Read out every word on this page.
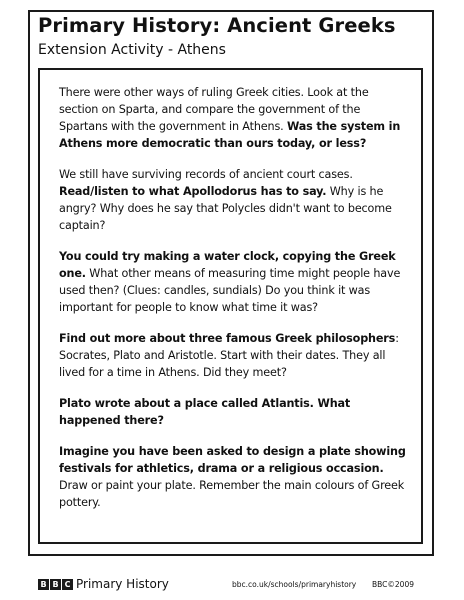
Primary History: Ancient Greeks
Extension Activity - Athens

There were other ways of ruling Greek cities. Look at the section on Sparta, and compare the government of the Spartans with the government in Athens. Was the system in Athens more democratic than ours today, or less?

We still have surviving records of ancient court cases. Read/listen to what Apollodorus has to say. Why is he angry? Why does he say that Polycles didn't want to become captain?

You could try making a water clock, copying the Greek one. What other means of measuring time might people have used then? (Clues: candles, sundials) Do you think it was important for people to know what time it was?

Find out more about three famous Greek philosophers: Socrates, Plato and Aristotle. Start with their dates. They all lived for a time in Athens. Did they meet?

Plato wrote about a place called Atlantis. What happened there?

Imagine you have been asked to design a plate showing festivals for athletics, drama or a religious occasion. Draw or paint your plate. Remember the main colours of Greek pottery.

B B C Primary History	bbc.co.uk/schools/primaryhistory BBC©2009
